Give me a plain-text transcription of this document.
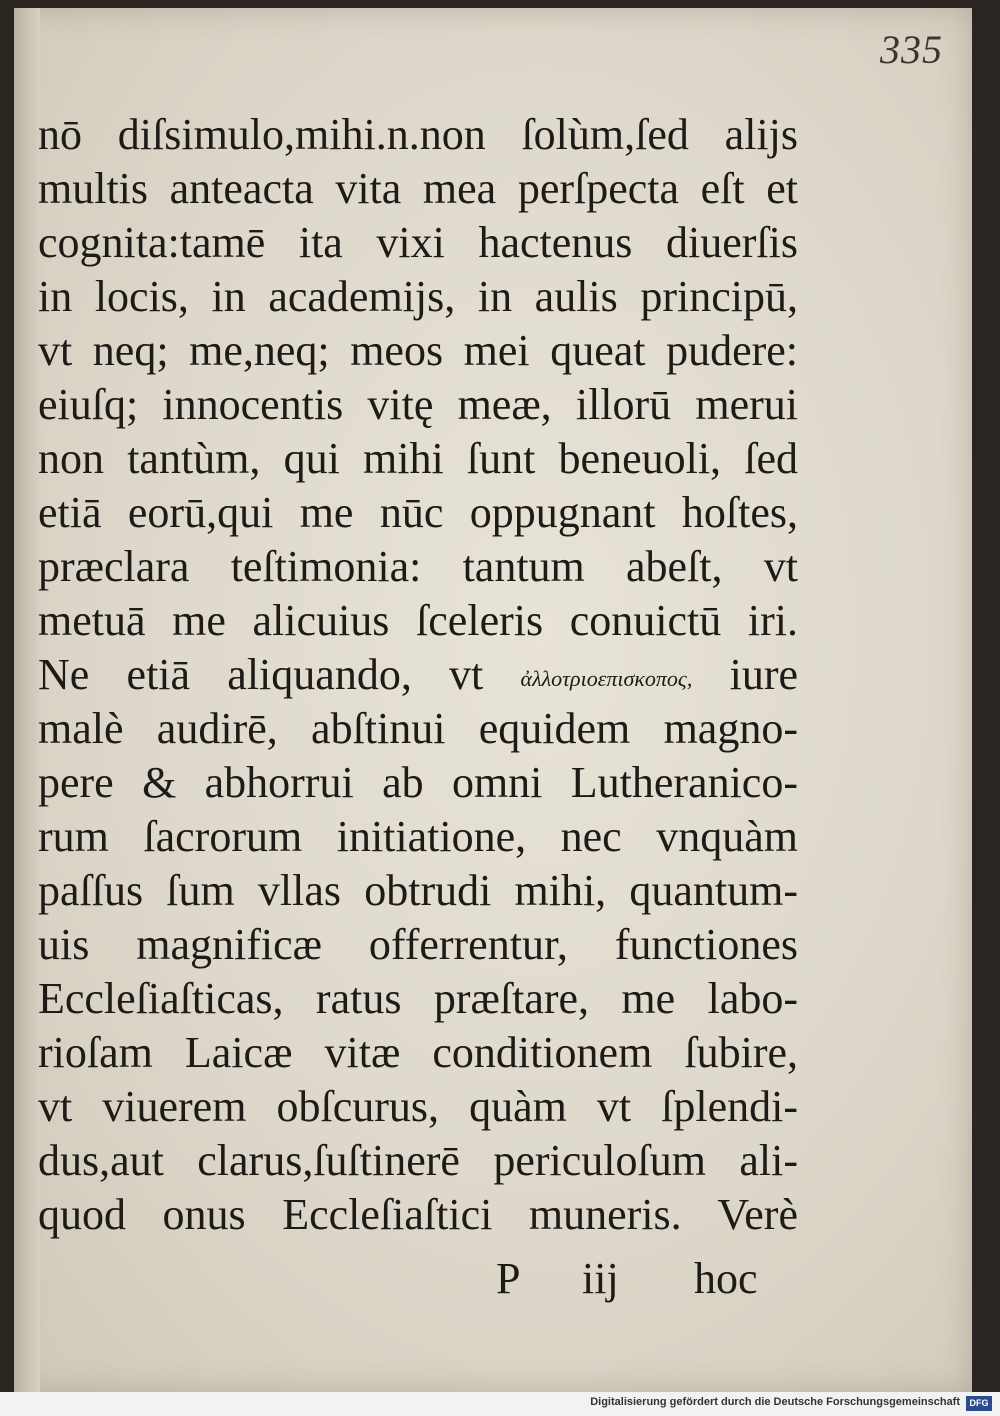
335
nō diſsimulo,mihi.n.non ſolùm,ſed alijs
multis anteacta vita mea perſpecta eſt et
cognita:tamē ita vixi hactenus diuerſis
in locis, in academijs, in aulis principū,
vt neq; me,neq; meos mei queat pudere:
eiuſq; innocentis vitę meæ, illorū merui
non tantùm, qui mihi ſunt beneuoli, ſed
etiā eorū,qui me nūc oppugnant hoſtes,
præclara teſtimonia: tantum abeſt, vt
metuā me alicuius ſceleris conuictū iri.
Ne etiā aliquando, vt ἀλλοτριοεπισκοπος, iure
malè audirē, abſtinui equidem magno-
pere & abhorrui ab omni Lutheranico-
rum ſacrorum initiatione, nec vnquàm
paſſus ſum vllas obtrudi mihi, quantum-
uis magnificæ offerrentur, functiones
Eccleſiaſticas, ratus præſtare, me labo-
rioſam Laicæ vitæ conditionem ſubire,
vt viuerem obſcurus, quàm vt ſplendi-
dus,aut clarus,ſuſtinerē periculoſum ali-
quod onus Eccleſiaſtici muneris. Verè
P iij hoc
Digitalisierung gefördert durch die Deutsche Forschungsgemeinschaft	DFG
